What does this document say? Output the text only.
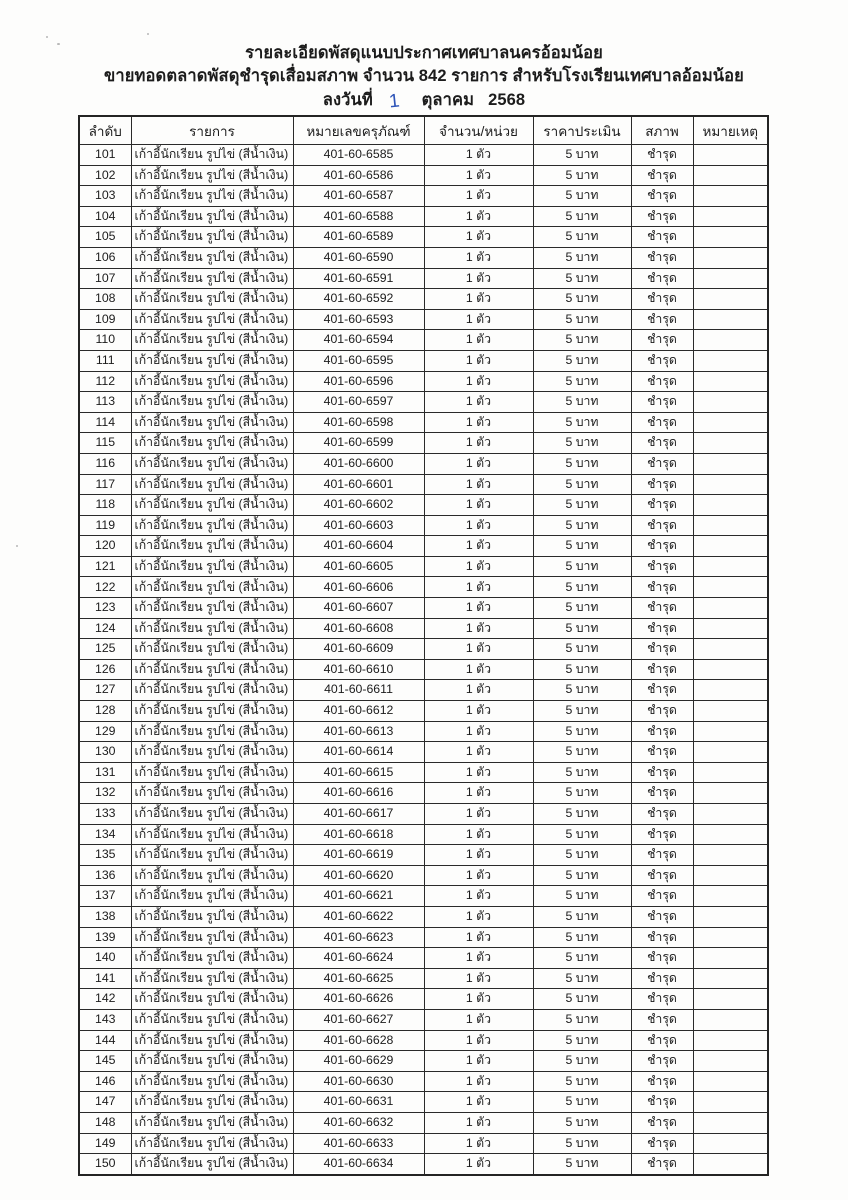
รายละเอียดพัสดุแนบประกาศเทศบาลนครอ้อมน้อย
ขายทอดตลาดพัสดุชำรุดเสื่อมสภาพ จำนวน 842 รายการ สำหรับโรงเรียนเทศบาลอ้อมน้อย
ลงวันที่ 1 ตุลาคม 2568
ลำดับ	รายการ	หมายเลขครุภัณฑ์	จำนวน/หน่วย	ราคาประเมิน	สภาพ	หมายเหตุ
101	เก้าอี้นักเรียน รูปไข่ (สีน้ำเงิน)	401-60-6585	1 ตัว	5 บาท	ชำรุด	
102	เก้าอี้นักเรียน รูปไข่ (สีน้ำเงิน)	401-60-6586	1 ตัว	5 บาท	ชำรุด	
103	เก้าอี้นักเรียน รูปไข่ (สีน้ำเงิน)	401-60-6587	1 ตัว	5 บาท	ชำรุด	
104	เก้าอี้นักเรียน รูปไข่ (สีน้ำเงิน)	401-60-6588	1 ตัว	5 บาท	ชำรุด	
105	เก้าอี้นักเรียน รูปไข่ (สีน้ำเงิน)	401-60-6589	1 ตัว	5 บาท	ชำรุด	
106	เก้าอี้นักเรียน รูปไข่ (สีน้ำเงิน)	401-60-6590	1 ตัว	5 บาท	ชำรุด	
107	เก้าอี้นักเรียน รูปไข่ (สีน้ำเงิน)	401-60-6591	1 ตัว	5 บาท	ชำรุด	
108	เก้าอี้นักเรียน รูปไข่ (สีน้ำเงิน)	401-60-6592	1 ตัว	5 บาท	ชำรุด	
109	เก้าอี้นักเรียน รูปไข่ (สีน้ำเงิน)	401-60-6593	1 ตัว	5 บาท	ชำรุด	
110	เก้าอี้นักเรียน รูปไข่ (สีน้ำเงิน)	401-60-6594	1 ตัว	5 บาท	ชำรุด	
111	เก้าอี้นักเรียน รูปไข่ (สีน้ำเงิน)	401-60-6595	1 ตัว	5 บาท	ชำรุด	
112	เก้าอี้นักเรียน รูปไข่ (สีน้ำเงิน)	401-60-6596	1 ตัว	5 บาท	ชำรุด	
113	เก้าอี้นักเรียน รูปไข่ (สีน้ำเงิน)	401-60-6597	1 ตัว	5 บาท	ชำรุด	
114	เก้าอี้นักเรียน รูปไข่ (สีน้ำเงิน)	401-60-6598	1 ตัว	5 บาท	ชำรุด	
115	เก้าอี้นักเรียน รูปไข่ (สีน้ำเงิน)	401-60-6599	1 ตัว	5 บาท	ชำรุด	
116	เก้าอี้นักเรียน รูปไข่ (สีน้ำเงิน)	401-60-6600	1 ตัว	5 บาท	ชำรุด	
117	เก้าอี้นักเรียน รูปไข่ (สีน้ำเงิน)	401-60-6601	1 ตัว	5 บาท	ชำรุด	
118	เก้าอี้นักเรียน รูปไข่ (สีน้ำเงิน)	401-60-6602	1 ตัว	5 บาท	ชำรุด	
119	เก้าอี้นักเรียน รูปไข่ (สีน้ำเงิน)	401-60-6603	1 ตัว	5 บาท	ชำรุด	
120	เก้าอี้นักเรียน รูปไข่ (สีน้ำเงิน)	401-60-6604	1 ตัว	5 บาท	ชำรุด	
121	เก้าอี้นักเรียน รูปไข่ (สีน้ำเงิน)	401-60-6605	1 ตัว	5 บาท	ชำรุด	
122	เก้าอี้นักเรียน รูปไข่ (สีน้ำเงิน)	401-60-6606	1 ตัว	5 บาท	ชำรุด	
123	เก้าอี้นักเรียน รูปไข่ (สีน้ำเงิน)	401-60-6607	1 ตัว	5 บาท	ชำรุด	
124	เก้าอี้นักเรียน รูปไข่ (สีน้ำเงิน)	401-60-6608	1 ตัว	5 บาท	ชำรุด	
125	เก้าอี้นักเรียน รูปไข่ (สีน้ำเงิน)	401-60-6609	1 ตัว	5 บาท	ชำรุด	
126	เก้าอี้นักเรียน รูปไข่ (สีน้ำเงิน)	401-60-6610	1 ตัว	5 บาท	ชำรุด	
127	เก้าอี้นักเรียน รูปไข่ (สีน้ำเงิน)	401-60-6611	1 ตัว	5 บาท	ชำรุด	
128	เก้าอี้นักเรียน รูปไข่ (สีน้ำเงิน)	401-60-6612	1 ตัว	5 บาท	ชำรุด	
129	เก้าอี้นักเรียน รูปไข่ (สีน้ำเงิน)	401-60-6613	1 ตัว	5 บาท	ชำรุด	
130	เก้าอี้นักเรียน รูปไข่ (สีน้ำเงิน)	401-60-6614	1 ตัว	5 บาท	ชำรุด	
131	เก้าอี้นักเรียน รูปไข่ (สีน้ำเงิน)	401-60-6615	1 ตัว	5 บาท	ชำรุด	
132	เก้าอี้นักเรียน รูปไข่ (สีน้ำเงิน)	401-60-6616	1 ตัว	5 บาท	ชำรุด	
133	เก้าอี้นักเรียน รูปไข่ (สีน้ำเงิน)	401-60-6617	1 ตัว	5 บาท	ชำรุด	
134	เก้าอี้นักเรียน รูปไข่ (สีน้ำเงิน)	401-60-6618	1 ตัว	5 บาท	ชำรุด	
135	เก้าอี้นักเรียน รูปไข่ (สีน้ำเงิน)	401-60-6619	1 ตัว	5 บาท	ชำรุด	
136	เก้าอี้นักเรียน รูปไข่ (สีน้ำเงิน)	401-60-6620	1 ตัว	5 บาท	ชำรุด	
137	เก้าอี้นักเรียน รูปไข่ (สีน้ำเงิน)	401-60-6621	1 ตัว	5 บาท	ชำรุด	
138	เก้าอี้นักเรียน รูปไข่ (สีน้ำเงิน)	401-60-6622	1 ตัว	5 บาท	ชำรุด	
139	เก้าอี้นักเรียน รูปไข่ (สีน้ำเงิน)	401-60-6623	1 ตัว	5 บาท	ชำรุด	
140	เก้าอี้นักเรียน รูปไข่ (สีน้ำเงิน)	401-60-6624	1 ตัว	5 บาท	ชำรุด	
141	เก้าอี้นักเรียน รูปไข่ (สีน้ำเงิน)	401-60-6625	1 ตัว	5 บาท	ชำรุด	
142	เก้าอี้นักเรียน รูปไข่ (สีน้ำเงิน)	401-60-6626	1 ตัว	5 บาท	ชำรุด	
143	เก้าอี้นักเรียน รูปไข่ (สีน้ำเงิน)	401-60-6627	1 ตัว	5 บาท	ชำรุด	
144	เก้าอี้นักเรียน รูปไข่ (สีน้ำเงิน)	401-60-6628	1 ตัว	5 บาท	ชำรุด	
145	เก้าอี้นักเรียน รูปไข่ (สีน้ำเงิน)	401-60-6629	1 ตัว	5 บาท	ชำรุด	
146	เก้าอี้นักเรียน รูปไข่ (สีน้ำเงิน)	401-60-6630	1 ตัว	5 บาท	ชำรุด	
147	เก้าอี้นักเรียน รูปไข่ (สีน้ำเงิน)	401-60-6631	1 ตัว	5 บาท	ชำรุด	
148	เก้าอี้นักเรียน รูปไข่ (สีน้ำเงิน)	401-60-6632	1 ตัว	5 บาท	ชำรุด	
149	เก้าอี้นักเรียน รูปไข่ (สีน้ำเงิน)	401-60-6633	1 ตัว	5 บาท	ชำรุด	
150	เก้าอี้นักเรียน รูปไข่ (สีน้ำเงิน)	401-60-6634	1 ตัว	5 บาท	ชำรุด	
